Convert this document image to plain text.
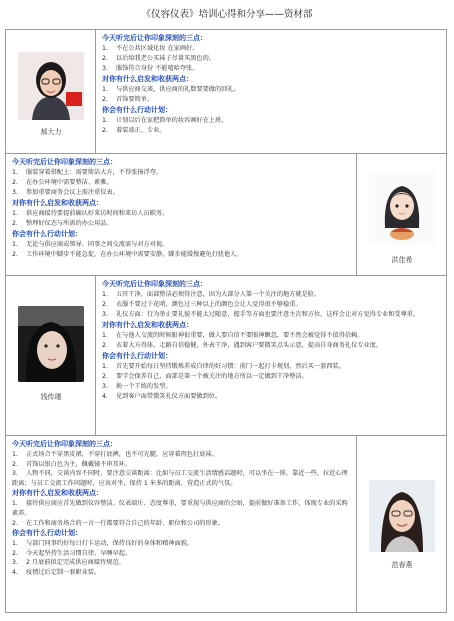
《仪容仪表》培训心得和分享——资材部
郝大力
今天听完后让你印象深刻的三点：
1. 不在公共区域化妆 在家画好。
2. 以后给我老公买袜子尽量买黑色的。
3. 服饰符合身份 不能嘻哈夸张。
对你有什么启发和收获两点：
1. 与供应商交谈，供应商的礼数要要做的回礼。
2. 首饰要简单。
你会有什么行动计划：
1. 计划以后在家把简单的妆容画好在上班。
2. 着装端正、专业。
今天听完后让你印象深刻的三点：
1. 服装穿着搭配上：需要简洁大方，不得张扬浮夸。
2. 在办公环境中需要整洁、素雅。
3. 参加重要商务会议上需注重仪表。
对你有什么启发和收获两点：
1. 供应商接待要提前确认好来访时间和来访人员职务。
2. 整理好仪态与所需的办公用品。
你会有什么行动计划：
1. 无论与供应商或领导、同事之间交流需与对方对视。
2. 工作环境中脚步不能急促，在办公环境中需要安静，脚步能缓慢避免打扰他人。
洪佳希
钱传瑾
今天听完后让你印象深刻的三点：
1. 五官干净，面部整洁必须得注意，因为大部分人第一个关注的地方就是脸。
2. 衣服不要过于花哨，颜色过三种以上的颜色会让人觉得很不够稳重。
3. 礼仪方面：行为举止要礼貌不能太过随意，握手等方面也要注意主次和方位，这样会让对方觉得专业和受尊重。
对你有什么启发和收获两点：
1. 在与他人交流的时候眼神很重要，做人要自信不要眼神飘忽，要不然会被觉得不值得信赖。
2. 衣着大方得体，走路自信稳健，外表干净，遇到客户要微笑点头示意，提高自身商务礼仪专业度。
你会有什么行动计划：
1. 首先要开始每日坚持锻炼养成自律的好习惯：前门一起打卡规划，然后买一套西装。
2. 要学会保养自己，面部是第一个被关注的地方所以一定做到干净整洁。
3. 换一个干练的发型。
4. 见到客户面带微笑礼仪方面要做到位。
今天听完后让你印象深刻的三点：
1. 正式场合不穿黑皮裙，不穿打底裤，也不可光腿，应穿着肉色打底袜。
2. 首饰以银白色为主，佩戴镜不串耳环。
3. 人物不同，交谈内容不同时，要注意交谈距离：比如与员工交流生活情感话题时，可以坐在一排，靠近一些，拉近心理距离；与员工交流工作问题时，应该对坐，保持 1 米多的距离，营造正式的气氛。
对你有什么启发和收获两点：
1. 接待供应商应首先做到仪容整洁、仪表端庄、态度尊重，要重视与供应商的会晤，提前做好准备工作，体现专业的采购素养。
2. 在工作和商务场合的一言一行都要符合自己的年龄、职位和公司的形象。
你会有什么行动计划：
1. 与部门同事约好每日打卡运动，保持良好的身体和精神面貌。
2. 今天起坚持生活习惯自律，早睡早起。
3. 2 月底前拟定完成供应商接待规范。
4. 疫情过后定制一套职业装。
范春燕
